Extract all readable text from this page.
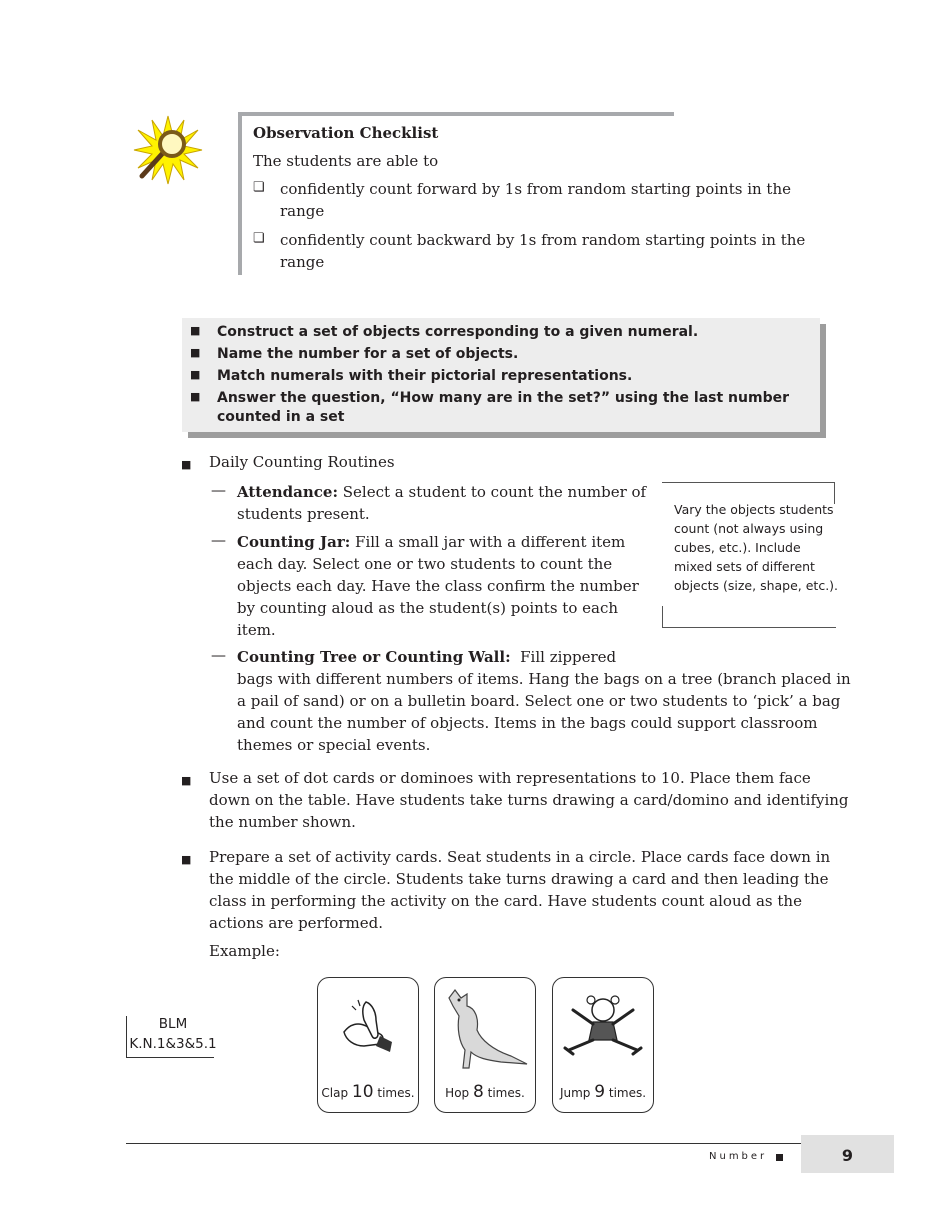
Observation Checklist
The students are able to
❏ confidently count forward by 1s from random starting points in the range
❏ confidently count backward by 1s from random starting points in the range
■ Construct a set of objects corresponding to a given numeral.
■ Name the number for a set of objects.
■ Match numerals with their pictorial representations.
■ Answer the question, “How many are in the set?” using the last number counted in a set
■ Daily Counting Routines
— Attendance: Select a student to count the number of students present.
— Counting Jar: Fill a small jar with a different item each day. Select one or two students to count the objects each day. Have the class confirm the number by counting aloud as the student(s) points to each item.
— Counting Tree or Counting Wall:  Fill zippered
bags with different numbers of items. Hang the bags on a tree (branch placed in a pail of sand) or on a bulletin board. Select one or two students to ‘pick’ a bag and count the number of objects. Items in the bags could support classroom themes or special events.
Vary the objects students count (not always using cubes, etc.). Include mixed sets of different objects (size, shape, etc.).
■ Use a set of dot cards or dominoes with representations to 10. Place them face down on the table. Have students take turns drawing a card/domino and identifying the number shown.
■ Prepare a set of activity cards. Seat students in a circle. Place cards face down in the middle of the circle. Students take turns drawing a card and then leading the class in performing the activity on the card. Have students count aloud as the actions are performed.
Example:
BLM
K.N.1&3&5.1
Clap 10 times.	Hop 8 times.	Jump 9 times.
Number	9
